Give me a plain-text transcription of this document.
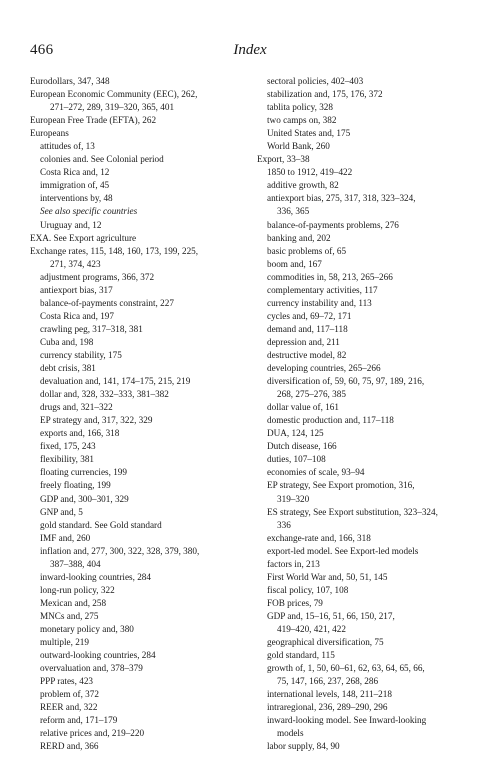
466	Index
Eurodollars, 347, 348
European Economic Community (EEC), 262,
271–272, 289, 319–320, 365, 401
European Free Trade (EFTA), 262
Europeans
attitudes of, 13
colonies and. See Colonial period
Costa Rica and, 12
immigration of, 45
interventions by, 48
See also specific countries
Uruguay and, 12
EXA. See Export agriculture
Exchange rates, 115, 148, 160, 173, 199, 225,
271, 374, 423
adjustment programs, 366, 372
antiexport bias, 317
balance-of-payments constraint, 227
Costa Rica and, 197
crawling peg, 317–318, 381
Cuba and, 198
currency stability, 175
debt crisis, 381
devaluation and, 141, 174–175, 215, 219
dollar and, 328, 332–333, 381–382
drugs and, 321–322
EP strategy and, 317, 322, 329
exports and, 166, 318
fixed, 175, 243
flexibility, 381
floating currencies, 199
freely floating, 199
GDP and, 300–301, 329
GNP and, 5
gold standard. See Gold standard
IMF and, 260
inflation and, 277, 300, 322, 328, 379, 380,
387–388, 404
inward-looking countries, 284
long-run policy, 322
Mexican and, 258
MNCs and, 275
monetary policy and, 380
multiple, 219
outward-looking countries, 284
overvaluation and, 378–379
PPP rates, 423
problem of, 372
REER and, 322
reform and, 171–179
relative prices and, 219–220
RERD and, 366
sectoral policies, 402–403
stabilization and, 175, 176, 372
tablita policy, 328
two camps on, 382
United States and, 175
World Bank, 260
Export, 33–38
1850 to 1912, 419–422
additive growth, 82
antiexport bias, 275, 317, 318, 323–324,
336, 365
balance-of-payments problems, 276
banking and, 202
basic problems of, 65
boom and, 167
commodities in, 58, 213, 265–266
complementary activities, 117
currency instability and, 113
cycles and, 69–72, 171
demand and, 117–118
depression and, 211
destructive model, 82
developing countries, 265–266
diversification of, 59, 60, 75, 97, 189, 216,
268, 275–276, 385
dollar value of, 161
domestic production and, 117–118
DUA, 124, 125
Dutch disease, 166
duties, 107–108
economies of scale, 93–94
EP strategy, See Export promotion, 316,
319–320
ES strategy, See Export substitution, 323–324,
336
exchange-rate and, 166, 318
export-led model. See Export-led models
factors in, 213
First World War and, 50, 51, 145
fiscal policy, 107, 108
FOB prices, 79
GDP and, 15–16, 51, 66, 150, 217,
419–420, 421, 422
geographical diversification, 75
gold standard, 115
growth of, 1, 50, 60–61, 62, 63, 64, 65, 66,
75, 147, 166, 237, 268, 286
international levels, 148, 211–218
intraregional, 236, 289–290, 296
inward-looking model. See Inward-looking
models
labor supply, 84, 90
